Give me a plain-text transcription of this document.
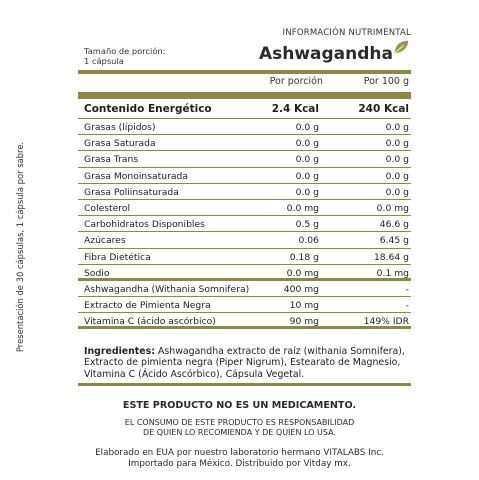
Presentación de 30 cápsulas, 1 cápsula por sabre.
INFORMACIÓN NUTRIMENTAL
Tamaño de porción:
1 cápsula	Ashwagandha
Por porción	Por 100 g
Contenido Energético	2.4 Kcal	240 Kcal
Grasas (lípidos)	0.0 g	0.0 g
Grasa Saturada	0.0 g	0.0 g
Grasa Trans	0.0 g	0.0 g
Grasa Monoinsaturada	0.0 g	0.0 g
Grasa Poliinsaturada	0.0 g	0.0 g
Colesterol	0.0 mg	0.0 mg
Carbohidratos Disponibles	0.5 g	46.6 g
Azúcares	0.06	6.45 g
Fibra Dietética	0.18 g	18.64 g
Sodio	0.0 mg	0.1 mg
Ashwagandha (Withania Somnifera)	400 mg	-
Extracto de Pimienta Negra	10 mg	-
Vitamina C (ácido ascórbico)	90 mg	149% IDR
Ingredientes: Ashwagandha extracto de raíz (withania Somnifera), Extracto de pimienta negra (Piper Nigrum), Estearato de Magnesio, Vitamina C (Ácido Ascórbico), Cápsula Vegetal.
ESTE PRODUCTO NO ES UN MEDICAMENTO.
EL CONSUMO DE ESTE PRODUCTO ES RESPONSABILIDAD
DE QUIEN LO RECOMIENDA Y DE QUIEN LO USA.
Elaborado en EUA por nuestro laboratorio hermano VITALABS Inc.
Importado para México. Distribuido por Vitday mx.
